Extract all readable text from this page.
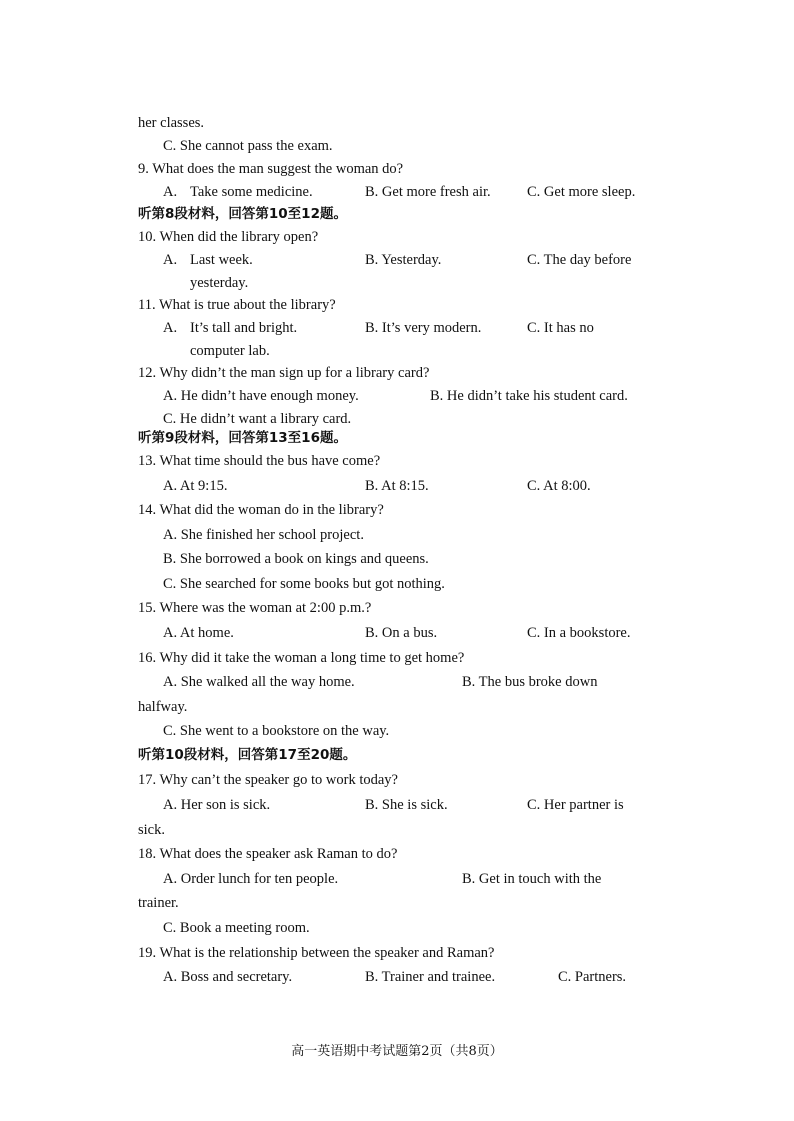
her classes.
C. She cannot pass the exam.
9. What does the man suggest the woman do?
A. Take some medicine.	B. Get more fresh air.	C. Get more sleep.
听第8段材料，回答第10至12题。
10. When did the library open?
A. Last week.	B. Yesterday.	C. The day before
yesterday.
11. What is true about the library?
A. It’s tall and bright.	B. It’s very modern.	C. It has no
computer lab.
12. Why didn’t the man sign up for a library card?
A. He didn’t have enough money.	B. He didn’t take his student card.
C. He didn’t want a library card.
听第9段材料，回答第13至16题。
13. What time should the bus have come?
A. At 9:15.	B. At 8:15.	C. At 8:00.
14. What did the woman do in the library?
A. She finished her school project.
B. She borrowed a book on kings and queens.
C. She searched for some books but got nothing.
15. Where was the woman at 2:00 p.m.?
A. At home.	B. On a bus.	C. In a bookstore.
16. Why did it take the woman a long time to get home?
A. She walked all the way home.	B. The bus broke down
halfway.
C. She went to a bookstore on the way.
听第10段材料，回答第17至20题。
17. Why can’t the speaker go to work today?
A. Her son is sick.	B. She is sick.	C. Her partner is
sick.
18. What does the speaker ask Raman to do?
A. Order lunch for ten people.	B. Get in touch with the
trainer.
C. Book a meeting room.
19. What is the relationship between the speaker and Raman?
A. Boss and secretary.	B. Trainer and trainee.	C. Partners.
高一英语期中考试题第2页（共8页）
